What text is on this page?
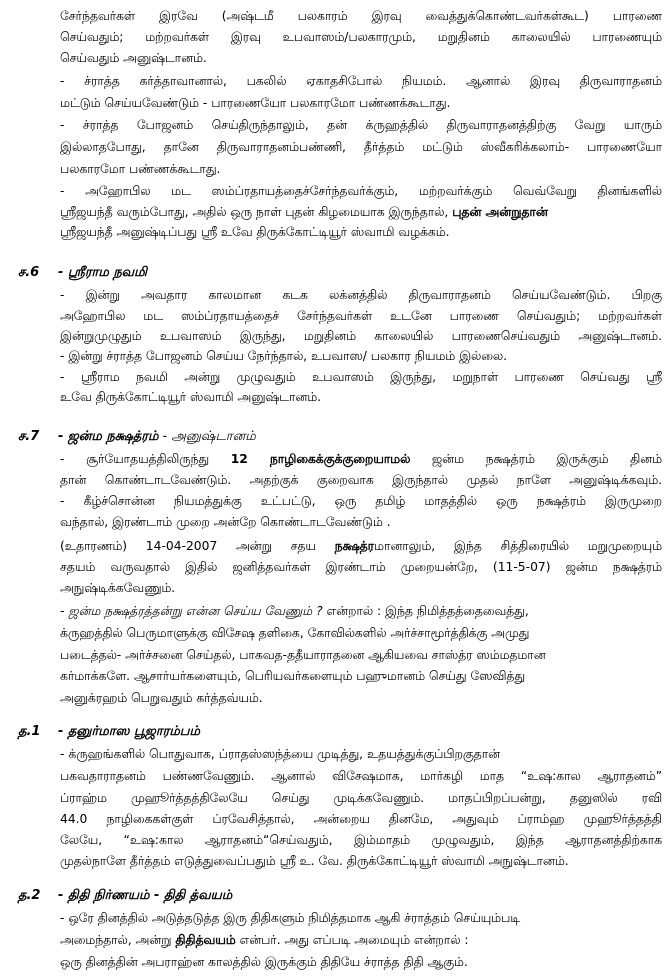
சேர்ந்தவர்கள் இரவே (அஷ்டமீ பலகாரம் இரவு வைத்துக்கொண்டவர்கள்கூட) பாரணை
செய்வதும்; மற்றவர்கள் இரவு உபவாஸம்/பலகாரமும், மறுதினம் காலையில் பாரணையும்
செய்வதும் அனுஷ்டானம்.
- ச்ராத்த கர்த்தாவானால், பகலில் ஏகாதசிபோல் நியமம். ஆனால் இரவு திருவாராதனம்
மட்டும் செய்யவேண்டும் - பாரணையோ பலகாரமோ பண்ணக்கூடாது.
- ச்ராத்த போஜனம் செய்திருந்தாலும், தன் க்ருஹத்தில் திருவாராதனத்திற்கு வேறு யாரும்
இல்லாதபோது, தானே திருவாராதனம்பண்ணி, தீர்த்தம் மட்டும் ஸ்வீகரிக்கலாம்- பாரணையோ
பலகாரமோ பண்ணக்கூடாது.
- அஹோபில மட ஸம்ப்ரதாயத்தைச்சேர்ந்தவர்க்கும், மற்றவர்க்கும் வெவ்வேறு தினங்களில்
ஸ்ரீஜயந்தீ வரும்போது, அதில் ஒரு நாள் புதன் கிழமையாக இருந்தால், புதன் அன்றுதான்
ஸ்ரீஜயந்தீ அனுஷ்டிப்பது ஸ்ரீ உவே திருக்கோட்டியூர் ஸ்வாமி வழக்கம்.
ச.6 - ஸ்ரீராம நவமி
- இன்று அவதார காலமான கடக லக்னத்தில் திருவாராதனம் செய்யவேண்டும். பிறகு
அஹோபில மட ஸம்ப்ரதாயத்தைச் சேர்ந்தவர்கள் உடனே பாரணை செய்வதும்; மற்றவர்கள்
இன்றுமுழுதும் உபவாஸம் இருந்து, மறுதினம் காலையில் பாரணைசெய்வதும் அனுஷ்டானம்.
- இன்று ச்ராத்த போஜனம் செய்ய நேர்ந்தால், உபவாஸ/ பலகார நியமம் இல்லை.
- ஸ்ரீராம நவமி அன்று முழுவதும் உபவாஸம் இருந்து, மறுநாள் பாரணை செய்வது ஸ்ரீ
உவே திருக்கோட்டியூர் ஸ்வாமி அனுஷ்டானம்.
ச.7 - ஜன்ம நக்ஷத்ரம் - அனுஷ்டானம்
- சூர்யோதயத்திலிருந்து 12 நாழிகைக்குக்குறையாமல் ஜன்ம நக்ஷத்ரம் இருக்கும் தினம்
தான் கொண்டாடவேண்டும். அதற்குக் குறைவாக இருந்தால் முதல் நாளே அனுஷ்டிக்கவும்.
- கீழ்ச்சொன்ன நியமத்துக்கு உட்பட்டு, ஒரு தமிழ் மாதத்தில் ஒரு நக்ஷத்ரம் இருமுறை
வந்தால், இரண்டாம் முறை அன்றே கொண்டாடவேண்டும் .
(உதாரணம்) 14-04-2007 அன்று சதய நக்ஷத்ரமானாலும், இந்த சித்திரையில் மறுமுறையும்
சதயம் வருவதால் இதில் ஜனித்தவர்கள் இரண்டாம் முறையன்றே, (11-5-07) ஜன்ம நக்ஷத்ரம்
அநுஷ்டிக்கவேணும்.
- ஜன்ம நக்ஷத்ரத்தன்று என்ன செய்ய வேணும் ? என்றால் : இந்த நிமித்தத்தைவைத்து,
க்ருஹத்தில் பெருமாளுக்கு விசேஷ தளிகை, கோவில்களில் அர்ச்சாமூர்த்திக்கு அமுது
படைத்தல்- அர்ச்சனை செய்தல், பாகவத-ததீயாராதனை ஆகியவை சாஸ்த்ர ஸம்மதமான
கர்மாக்களே. ஆசார்யர்களையும், பெரியவர்களையும் பஹுமானம் செய்து ஸேவித்து
அனுக்ரஹம் பெறுவதும் கர்த்தவ்யம்.
த.1 - தனுர்மாஸ பூஜாரம்பம்
- க்ருஹங்களில் பொதுவாக, ப்ராதஸ்ஸந்த்யை முடித்து, உதயத்துக்குப்பிறகுதான்
பகவதாராதனம் பண்ணவேணும். ஆனால் விசேஷமாக, மார்கழி மாத “உஷ:கால ஆராதனம்”
ப்ராஹ்ம முஹூர்த்தத்திலேயே செய்து முடிக்கவேணும். மாதப்பிறப்பன்று, தனுஸில் ரவி
44.0 நாழிகைகள்குள் ப்ரவேசித்தால், அன்றைய தினமே, அதுவும் ப்ராம்ஹ முஹூர்த்தத்தி
லேயே, “உஷ:கால ஆராதனம்“செய்வதும், இம்மாதம் முழுவதும், இந்த ஆராதனத்திற்காக
முதல்நாளே தீர்த்தம் எடுத்துவைப்பதும் ஸ்ரீ உ. வே. திருக்கோட்டியூர் ஸ்வாமி அநுஷ்டானம்.
த.2 - திதி நிர்ணயம் - திதி த்வயம்
- ஒரே தினத்தில் அடுத்தடுத்த இரு திதிகளும் நிமித்தமாக ஆகி ச்ராத்தம் செய்யும்படி
அமைந்தால், அன்று திதித்வயம் என்பர். அது எப்படி அமையும் என்றால் :
ஒரு தினத்தின் அபராஹ்ன காலத்தில் இருக்கும் திதியே ச்ராத்த திதி ஆகும்.
